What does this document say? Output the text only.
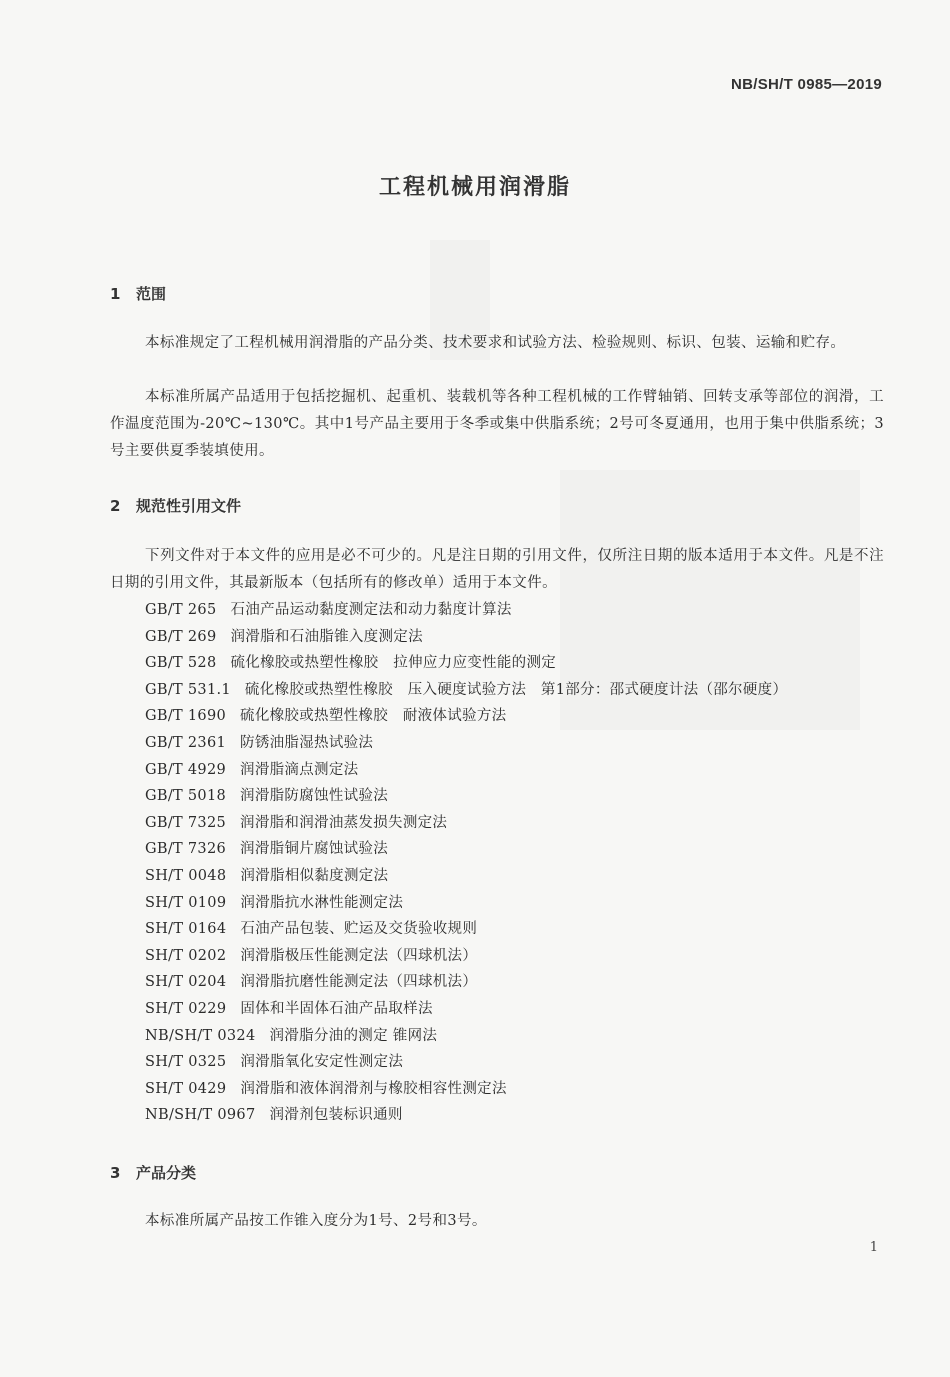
NB/SH/T 0985—2019
工程机械用润滑脂
1 范围
本标准规定了工程机械用润滑脂的产品分类、技术要求和试验方法、检验规则、标识、包装、运输和贮存。
本标准所属产品适用于包括挖掘机、起重机、装载机等各种工程机械的工作臂轴销、回转支承等部位的润滑，工作温度范围为-20℃~130℃。其中1号产品主要用于冬季或集中供脂系统；2号可冬夏通用，也用于集中供脂系统；3号主要供夏季装填使用。
2 规范性引用文件
下列文件对于本文件的应用是必不可少的。凡是注日期的引用文件，仅所注日期的版本适用于本文件。凡是不注日期的引用文件，其最新版本（包括所有的修改单）适用于本文件。
GB/T 265 石油产品运动黏度测定法和动力黏度计算法
GB/T 269 润滑脂和石油脂锥入度测定法
GB/T 528 硫化橡胶或热塑性橡胶　拉伸应力应变性能的测定
GB/T 531.1 硫化橡胶或热塑性橡胶　压入硬度试验方法　第1部分：邵式硬度计法（邵尔硬度）
GB/T 1690 硫化橡胶或热塑性橡胶　耐液体试验方法
GB/T 2361 防锈油脂湿热试验法
GB/T 4929 润滑脂滴点测定法
GB/T 5018 润滑脂防腐蚀性试验法
GB/T 7325 润滑脂和润滑油蒸发损失测定法
GB/T 7326 润滑脂铜片腐蚀试验法
SH/T 0048 润滑脂相似黏度测定法
SH/T 0109 润滑脂抗水淋性能测定法
SH/T 0164 石油产品包装、贮运及交货验收规则
SH/T 0202 润滑脂极压性能测定法（四球机法）
SH/T 0204 润滑脂抗磨性能测定法（四球机法）
SH/T 0229 固体和半固体石油产品取样法
NB/SH/T 0324 润滑脂分油的测定 锥网法
SH/T 0325 润滑脂氧化安定性测定法
SH/T 0429 润滑脂和液体润滑剂与橡胶相容性测定法
NB/SH/T 0967 润滑剂包装标识通则
3 产品分类
本标准所属产品按工作锥入度分为1号、2号和3号。
1
